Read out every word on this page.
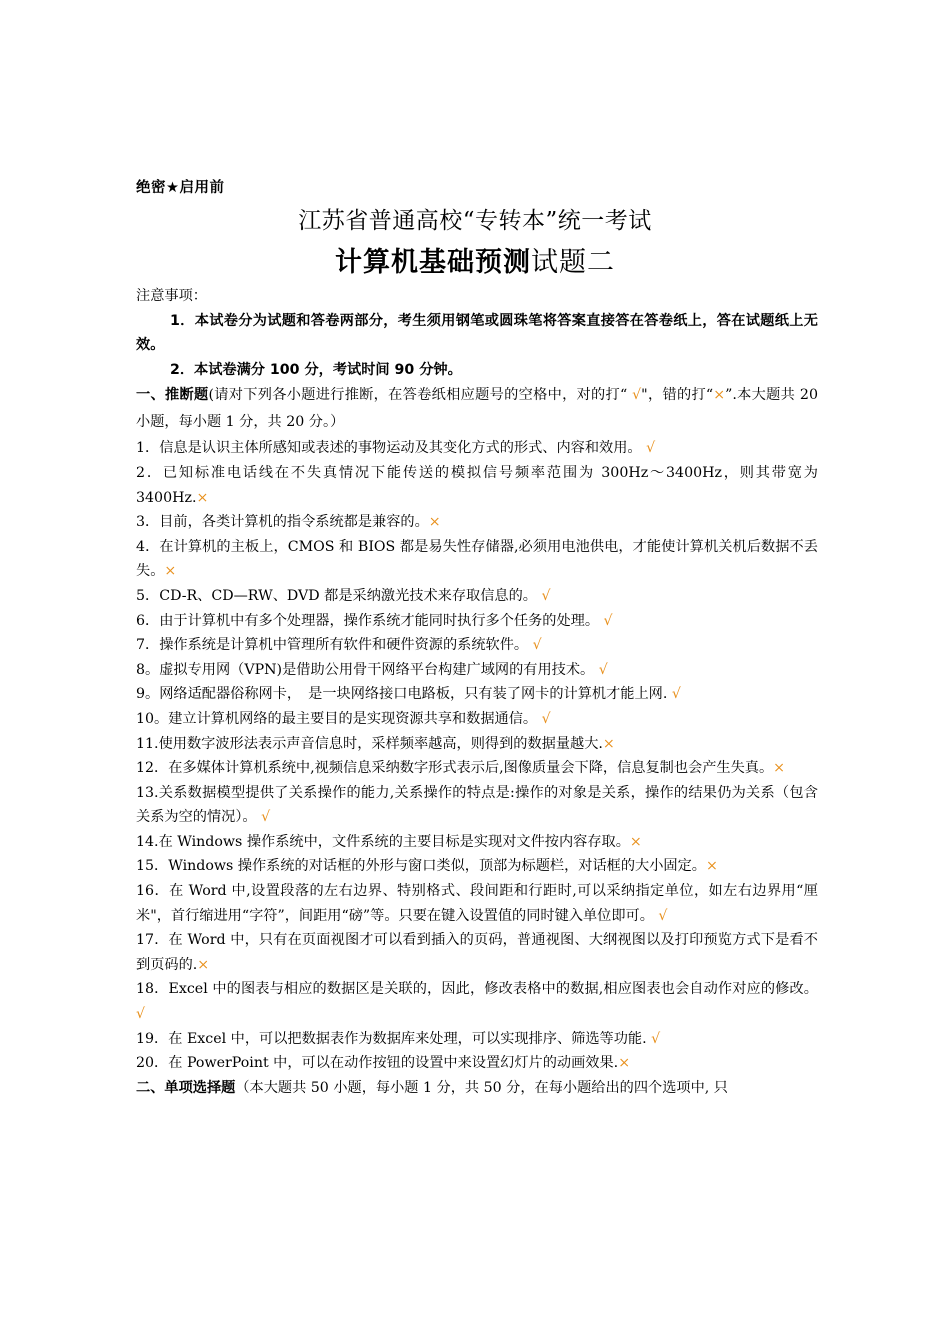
绝密★启用前
江苏省普通高校“专转本”统一考试
计算机基础预测试题二

注意事项：

1．本试卷分为试题和答卷两部分，考生须用钢笔或圆珠笔将答案直接答在答卷纸上，答在试题纸上无效。

2．本试卷满分 100 分，考试时间 90 分钟。

一、推断题(请对下列各小题进行推断，在答卷纸相应题号的空格中，对的打“ √"，错的打“×”.本大题共 20 小题，每小题 1 分，共 20 分。）

1．信息是认识主体所感知或表述的事物运动及其变化方式的形式、内容和效用。 √

2．已知标准电话线在不失真情况下能传送的模拟信号频率范围为 300Hz～3400Hz，则其带宽为 3400Hz.×

3．目前，各类计算机的指令系统都是兼容的。×

4．在计算机的主板上，CMOS 和 BIOS 都是易失性存储器,必须用电池供电，才能使计算机关机后数据不丢失。×

5．CD-R、CD—RW、DVD 都是采纳激光技术来存取信息的。 √

6．由于计算机中有多个处理器，操作系统才能同时执行多个任务的处理。 √

7．操作系统是计算机中管理所有软件和硬件资源的系统软件。 √

8。虚拟专用网（VPN)是借助公用骨干网络平台构建广域网的有用技术。 √

9。网络适配器俗称网卡，　是一块网络接口电路板，只有装了网卡的计算机才能上网. √

10。建立计算机网络的最主要目的是实现资源共享和数据通信。 √

11.使用数字波形法表示声音信息时，采样频率越高，则得到的数据量越大.×

12．在多媒体计算机系统中,视频信息采纳数字形式表示后,图像质量会下降，信息复制也会产生失真。×

13.关系数据模型提供了关系操作的能力,关系操作的特点是:操作的对象是关系，操作的结果仍为关系（包含关系为空的情况）。 √

14.在 Windows 操作系统中，文件系统的主要目标是实现对文件按内容存取。×

15．Windows 操作系统的对话框的外形与窗口类似，顶部为标题栏，对话框的大小固定。×

16．在 Word 中,设置段落的左右边界、特别格式、段间距和行距时,可以采纳指定单位，如左右边界用“厘米"，首行缩进用“字符”，间距用“磅”等。只要在键入设置值的同时键入单位即可。 √

17．在 Word 中，只有在页面视图才可以看到插入的页码，普通视图、大纲视图以及打印预览方式下是看不到页码的.×

18．Excel 中的图表与相应的数据区是关联的，因此，修改表格中的数据,相应图表也会自动作对应的修改。 √

19．在 Excel 中，可以把数据表作为数据库来处理，可以实现排序、筛选等功能. √

20．在 PowerPoint 中，可以在动作按钮的设置中来设置幻灯片的动画效果.×

二、单项选择题（本大题共 50 小题，每小题 1 分，共 50 分，在每小题给出的四个选项中, 只
